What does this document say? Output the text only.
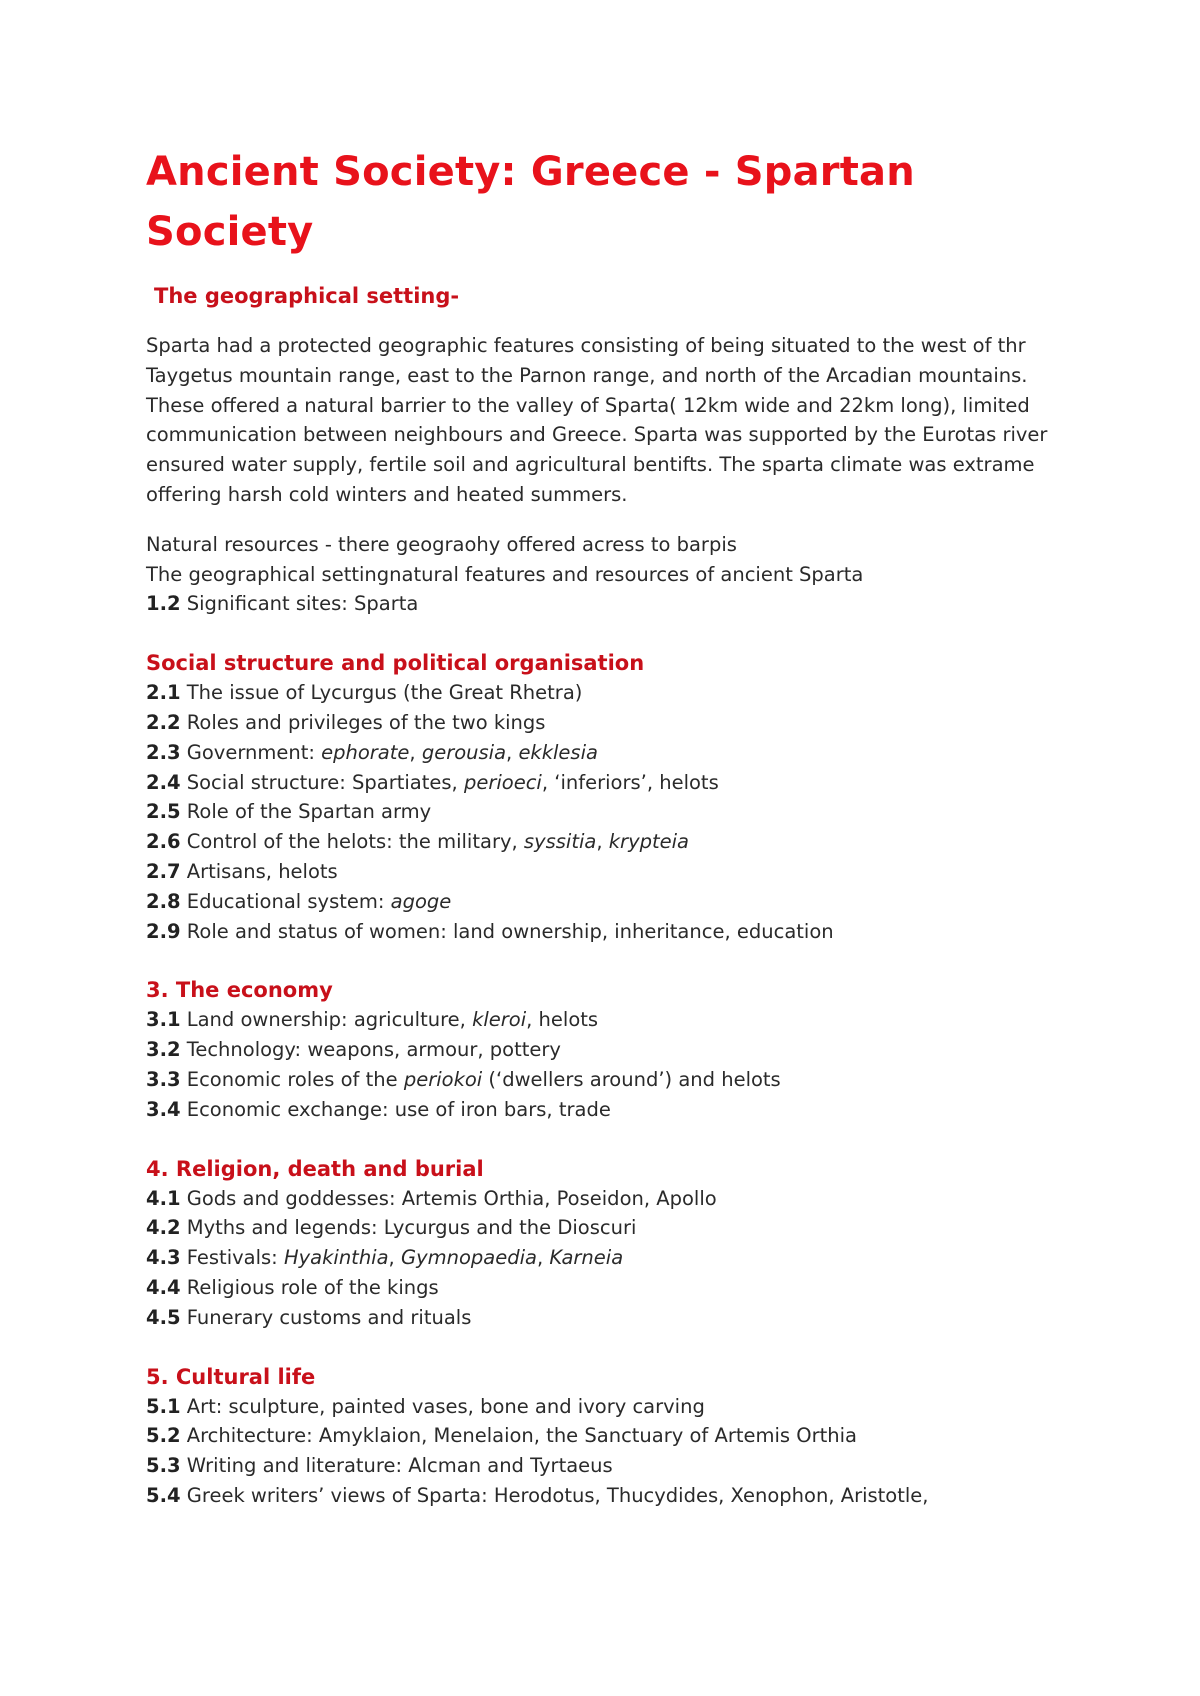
Ancient Society: Greece - Spartan Society
The geographical setting-

Sparta had a protected geographic features consisting of being situated to the west of thr Taygetus mountain range, east to the Parnon range, and north of the Arcadian mountains. These offered a natural barrier to the valley of Sparta( 12km wide and 22km long), limited communication between neighbours and Greece. Sparta was supported by the Eurotas river ensured water supply, fertile soil and agricultural bentifts. The sparta climate was extrame offering harsh cold winters and heated summers.

Natural resources - there geograohy offered acress to barpis

The geographical settingnatural features and resources of ancient Sparta

1.2 Significant sites: Sparta

Social structure and political organisation

2.1 The issue of Lycurgus (the Great Rhetra)

2.2 Roles and privileges of the two kings

2.3 Government: ephorate, gerousia, ekklesia

2.4 Social structure: Spartiates, perioeci, ‘inferiors’, helots

2.5 Role of the Spartan army

2.6 Control of the helots: the military, syssitia, krypteia

2.7 Artisans, helots

2.8 Educational system: agoge

2.9 Role and status of women: land ownership, inheritance, education

3. The economy

3.1 Land ownership: agriculture, kleroi, helots

3.2 Technology: weapons, armour, pottery

3.3 Economic roles of the periokoi (‘dwellers around’) and helots

3.4 Economic exchange: use of iron bars, trade

4. Religion, death and burial

4.1 Gods and goddesses: Artemis Orthia, Poseidon, Apollo

4.2 Myths and legends: Lycurgus and the Dioscuri

4.3 Festivals: Hyakinthia, Gymnopaedia, Karneia

4.4 Religious role of the kings

4.5 Funerary customs and rituals

5. Cultural life

5.1 Art: sculpture, painted vases, bone and ivory carving

5.2 Architecture: Amyklaion, Menelaion, the Sanctuary of Artemis Orthia

5.3 Writing and literature: Alcman and Tyrtaeus

5.4 Greek writers’ views of Sparta: Herodotus, Thucydides, Xenophon, Aristotle,
